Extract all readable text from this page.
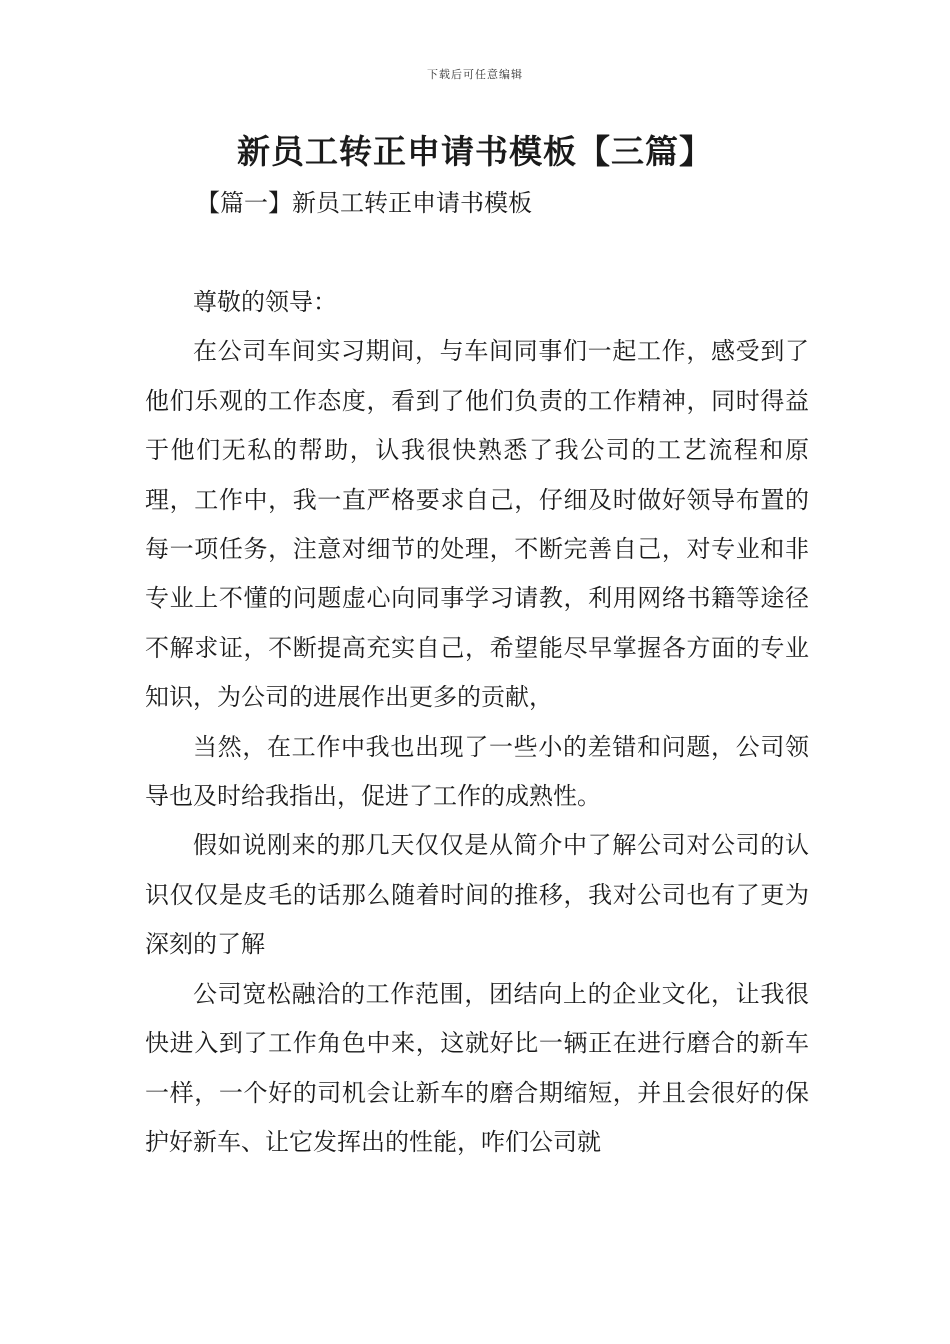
下载后可任意编辑
新员工转正申请书模板【三篇】
【篇一】新员工转正申请书模板

尊敬的领导：

在公司车间实习期间，与车间同事们一起工作，感受到了他们乐观的工作态度，看到了他们负责的工作精神，同时得益于他们无私的帮助，认我很快熟悉了我公司的工艺流程和原理，工作中，我一直严格要求自己，仔细及时做好领导布置的每一项任务，注意对细节的处理，不断完善自己，对专业和非专业上不懂的问题虚心向同事学习请教，利用网络书籍等途径不解求证，不断提高充实自己，希望能尽早掌握各方面的专业知识，为公司的进展作出更多的贡献，

当然，在工作中我也出现了一些小的差错和问题，公司领导也及时给我指出，促进了工作的成熟性。

假如说刚来的那几天仅仅是从简介中了解公司对公司的认识仅仅是皮毛的话那么随着时间的推移，我对公司也有了更为深刻的了解

公司宽松融洽的工作范围，团结向上的企业文化，让我很快进入到了工作角色中来，这就好比一辆正在进行磨合的新车一样，一个好的司机会让新车的磨合期缩短，并且会很好的保护好新车、让它发挥出的性能，咋们公司就
